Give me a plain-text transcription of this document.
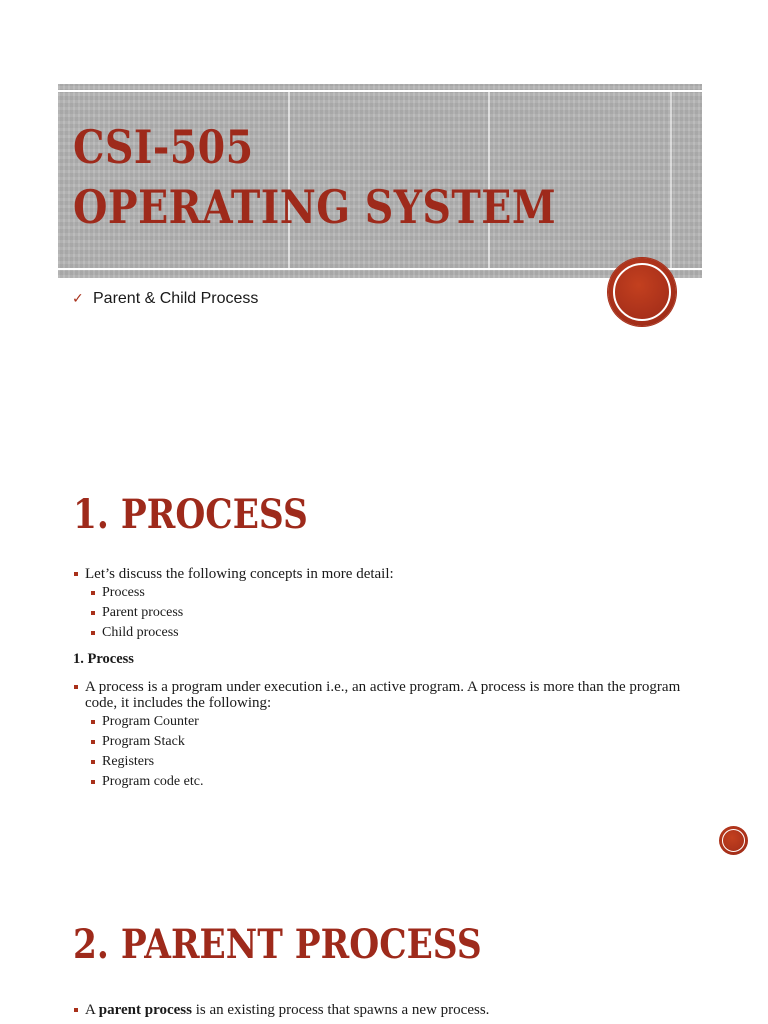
CSI-505
OPERATING SYSTEM
✓ Parent & Child Process
1. PROCESS
Let’s discuss the following concepts in more detail:
Process
Parent process
Child process
1. Process
A process is a program under execution i.e., an active program. A process is more than the program code, it includes the following:
Program Counter
Program Stack
Registers
Program code etc.
2. PARENT PROCESS
A parent process is an existing process that spawns a new process.
